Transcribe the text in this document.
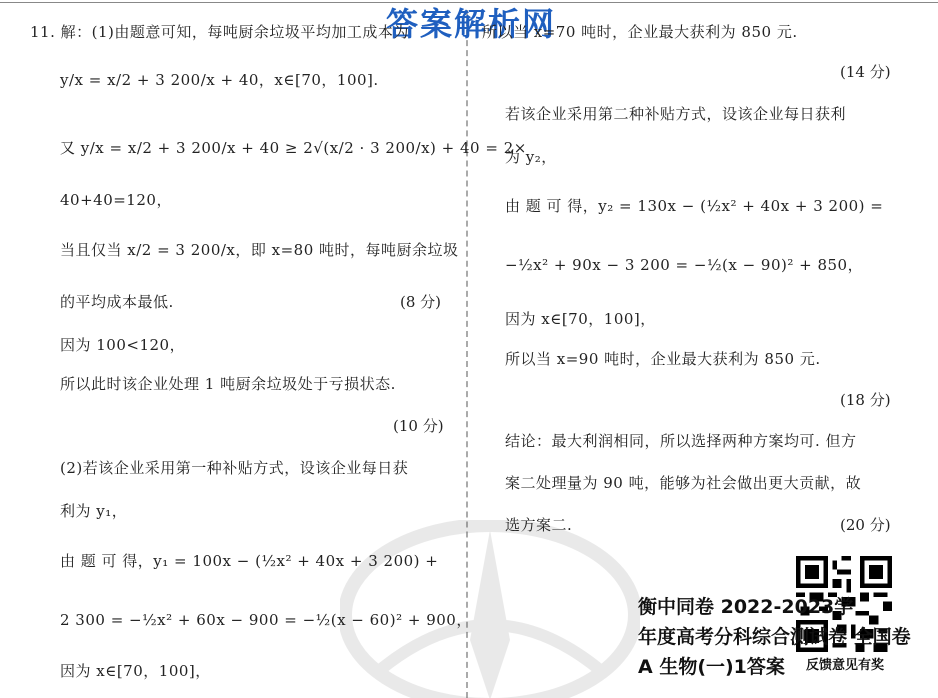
答案解析网
11. 解：(1)由题意可知，每吨厨余垃圾平均加工成本为
y/x = x/2 + 3 200/x + 40，x∈[70，100].
又 y/x = x/2 + 3 200/x + 40 ≥ 2√(x/2 · 3 200/x) + 40 = 2×
40+40=120，
当且仅当 x/2 = 3 200/x，即 x=80 吨时，每吨厨余垃圾
的平均成本最低.	(8 分)
因为 100<120，
所以此时该企业处理 1 吨厨余垃圾处于亏损状态.
(10 分)
(2)若该企业采用第一种补贴方式，设该企业每日获
利为 y₁，
由 题 可 得，y₁ = 100x − (½x² + 40x + 3 200) +
2 300 = −½x² + 60x − 900 = −½(x − 60)² + 900，
因为 x∈[70，100]，
所以当 x=70 吨时，企业最大获利为 850 元.
(14 分)
若该企业采用第二种补贴方式，设该企业每日获利
为 y₂，
由 题 可 得，y₂ = 130x − (½x² + 40x + 3 200) =
−½x² + 90x − 3 200 = −½(x − 90)² + 850，
因为 x∈[70，100]，
所以当 x=90 吨时，企业最大获利为 850 元.
(18 分)
结论：最大利润相同，所以选择两种方案均可. 但方
案二处理量为 90 吨，能够为社会做出更大贡献，故
选方案二.	(20 分)
衡中同卷 2022-2023学
年度高考分科综合测试卷 全国卷
A 生物(一)1答案 反馈意见有奖
